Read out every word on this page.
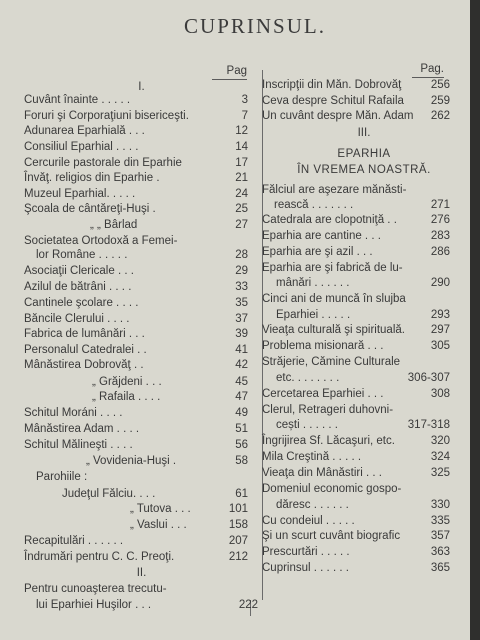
CUPRINSUL.
Pag
I.
Cuvânt înainte . . . . .	3
Foruri şi Corporaţiuni bisericeşti.	7
Adunarea Eparhială . . .	12
Consiliul Eparhial . . . .	14
Cercurile pastorale din Eparhie	17
Învăţ. religios din Eparhie .	21
Muzeul Eparhial. . . . .	24
Şcoala de cântăreţi-Huşi .	25
„ „ Bârlad	27
Societatea Ortodoxă a Femei-
lor Române . . . . .	28
Asociaţii Clericale . . .	29
Azilul de bătrâni . . . .	33
Cantinele şcolare . . . .	35
Băncile Clerului . . . .	37
Fabrica de lumânări . . .	39
Personalul Catedralei . .	41
Mânăstirea Dobrovăţ . .	42
„ Grăjdeni . . .	45
„ Rafaila . . . .	47
Schitul Moráni . . . .	49
Mânăstirea Adam . . . .	51
Schitul Mălineşti . . . .	56
„ Vovidenia-Huşi .	58
Parohiile :
Judeţul Fălciu. . . .	61
„ Tutova . . .	101
„ Vaslui . . .	158
Recapitulări . . . . . .	207
Îndrumări pentru C. C. Preoţi.	212
II.
Pentru cunoaşterea trecutu-
lui Eparhiei Huşilor . . .	222
Pag.
Inscripţii din Măn. Dobrovăţ	256
Ceva despre Schitul Rafaila	259
Un cuvânt despre Măn. Adam	262
III.
EPARHIA
ÎN VREMEA NOASTRĂ.
Fălciul are aşezare mănăsti-
rească . . . . . . .	271
Catedrala are clopotniţă . .	276
Eparhia are cantine . . .	283
Eparhia are şi azil . . .	286
Eparhia are şi fabrică de lu-
mânări . . . . . .	290
Cinci ani de muncă în slujba
Eparhiei . . . . .	293
Vieaţa culturală şi spirituală.	297
Problema misionară . . .	305
Străjerie, Cămine Culturale
etc. . . . . . . .	306-307
Cercetarea Eparhiei . . .	308
Clerul, Retrageri duhovni-
cești . . . . . .	317-318
Îngrijirea Sf. Lăcaşuri, etc.	320
Mila Creştină . . . . .	324
Vieaţa din Mânăstiri . . .	325
Domeniul economic gospo-
dăresc . . . . . .	330
Cu condeiul . . . . .	335
Şi un scurt cuvânt biografic	357
Prescurtări . . . . .	363
Cuprinsul . . . . . .	365
